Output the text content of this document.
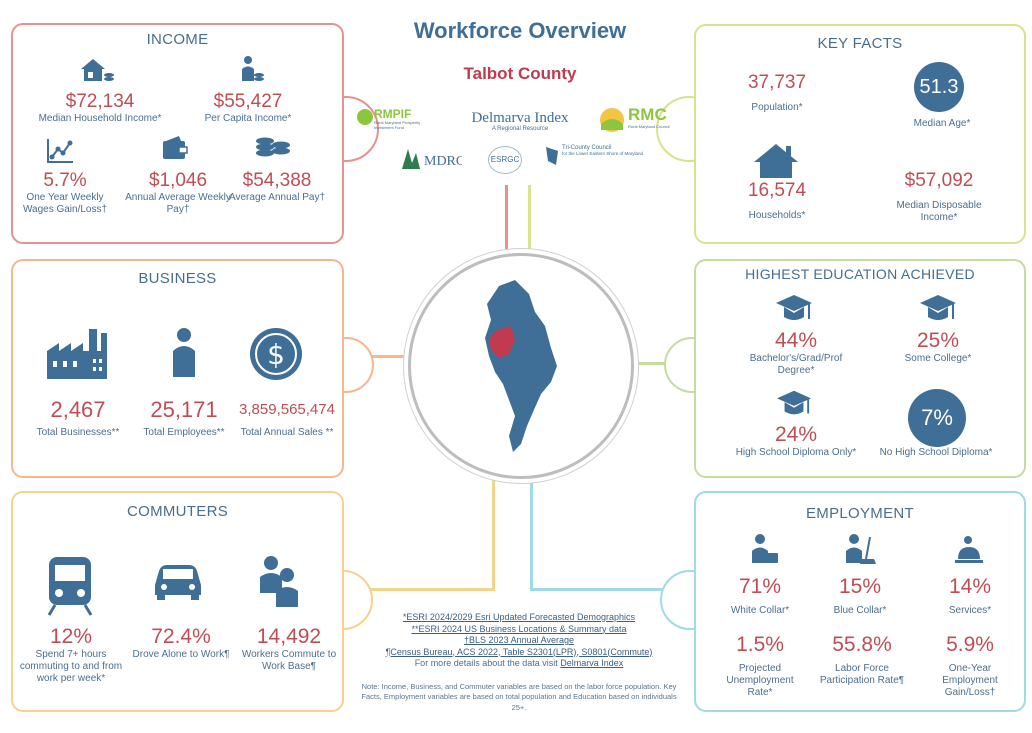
Workforce Overview
Talbot County
RMPIF
Rural Maryland Prosperity Investment Fund
Delmarva Index
A Regional Resource
RMC
Rural Maryland Council
MDRC	ESRGC
Tri-County Council
for the Lower Eastern Shore of Maryland
INCOME
$72,134
Median Household Income*
$55,427
Per Capita Income*
5.7%
One Year Weekly Wages Gain/Loss†
$1,046
Annual Average Weekly Pay†
$54,388
Average Annual Pay†
BUSINESS
2,467
Total Businesses**
25,171
Total Employees**
$
3,859,565,474
Total Annual Sales **
COMMUTERS
12%
Spend 7+ hours commuting to and from work per week*
72.4%
Drove Alone to Work¶
14,492
Workers Commute to Work Base¶
KEY FACTS
37,737
Population*
51.3
Median Age*
16,574
Households*
$57,092
Median Disposable Income*
HIGHEST EDUCATION ACHIEVED
44%
Bachelor's/Grad/Prof Degree*
25%
Some College*
24%
High School Diploma Only*
7%
No High School Diploma*
EMPLOYMENT
71%
White Collar*
15%
Blue Collar*
14%
Services*
1.5%
Projected Unemployment Rate*
55.8%
Labor Force Participation Rate¶
5.9%
One-Year Employment Gain/Loss†
*ESRI 2024/2029 Esri Updated Forecasted Demographics
**ESRI 2024 US Business Locations & Summary data
†BLS 2023 Annual Average
¶Census Bureau, ACS 2022, Table S2301(LPR), S0801(Commute)
For more details about the data visit Delmarva Index
Note: Income, Business, and Commuter variables are based on the labor force population. Key Facts, Employment variables are based on total population and Education based on individuals 25+.
